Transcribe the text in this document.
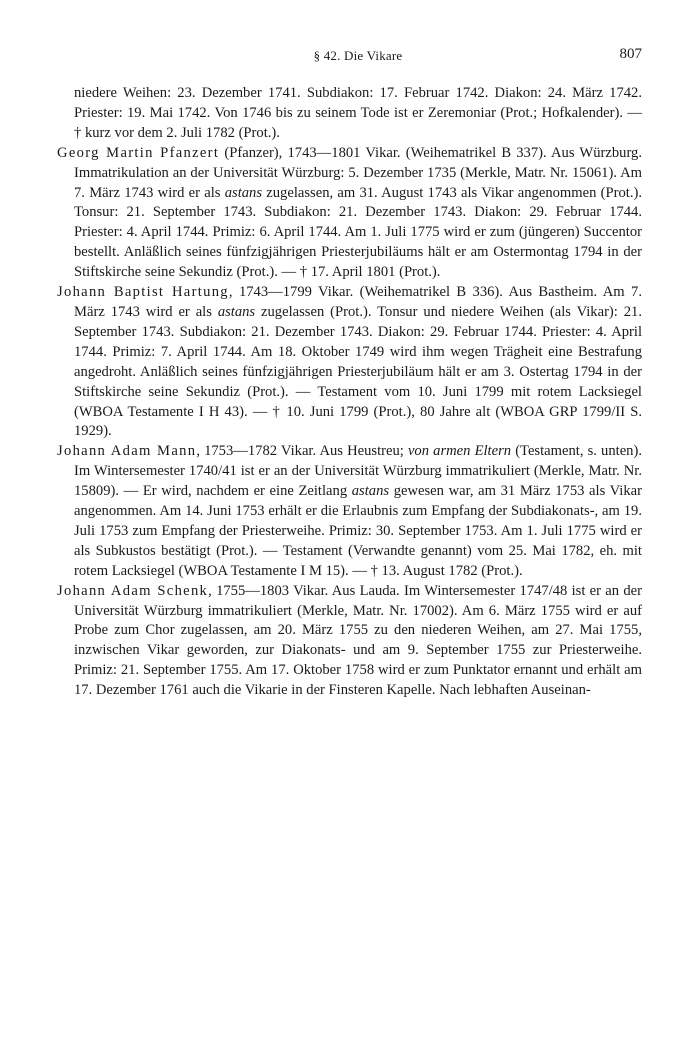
§ 42. Die Vikare	807
niedere Weihen: 23. Dezember 1741. Subdiakon: 17. Februar 1742. Diakon: 24. März 1742. Priester: 19. Mai 1742. Von 1746 bis zu seinem Tode ist er Zeremoniar (Prot.; Hofkalender). — † kurz vor dem 2. Juli 1782 (Prot.).
Georg Martin Pfanzert (Pfanzer), 1743—1801 Vikar. (Weihematrikel B 337). Aus Würzburg. Immatrikulation an der Universität Würzburg: 5. Dezember 1735 (Merkle, Matr. Nr. 15061). Am 7. März 1743 wird er als astans zugelassen, am 31. August 1743 als Vikar angenommen (Prot.). Tonsur: 21. September 1743. Subdiakon: 21. Dezember 1743. Diakon: 29. Februar 1744. Priester: 4. April 1744. Primiz: 6. April 1744. Am 1. Juli 1775 wird er zum (jüngeren) Succentor bestellt. Anläßlich seines fünfzigjährigen Priesterjubiläums hält er am Ostermontag 1794 in der Stiftskirche seine Sekundiz (Prot.). — † 17. April 1801 (Prot.).
Johann Baptist Hartung, 1743—1799 Vikar. (Weihematrikel B 336). Aus Bastheim. Am 7. März 1743 wird er als astans zugelassen (Prot.). Tonsur und niedere Weihen (als Vikar): 21. September 1743. Subdiakon: 21. Dezember 1743. Diakon: 29. Februar 1744. Priester: 4. April 1744. Primiz: 7. April 1744. Am 18. Oktober 1749 wird ihm wegen Trägheit eine Bestrafung angedroht. Anläßlich seines fünfzigjährigen Priesterjubiläum hält er am 3. Ostertag 1794 in der Stiftskirche seine Sekundiz (Prot.). — Testament vom 10. Juni 1799 mit rotem Lacksiegel (WBOA Testamente I H 43). — † 10. Juni 1799 (Prot.), 80 Jahre alt (WBOA GRP 1799/II S. 1929).
Johann Adam Mann, 1753—1782 Vikar. Aus Heustreu; von armen Eltern (Testament, s. unten). Im Wintersemester 1740/41 ist er an der Universität Würzburg immatrikuliert (Merkle, Matr. Nr. 15809). — Er wird, nachdem er eine Zeitlang astans gewesen war, am 31 März 1753 als Vikar angenommen. Am 14. Juni 1753 erhält er die Erlaubnis zum Empfang der Subdiakonats-, am 19. Juli 1753 zum Empfang der Priesterweihe. Primiz: 30. September 1753. Am 1. Juli 1775 wird er als Subkustos bestätigt (Prot.). — Testament (Verwandte genannt) vom 25. Mai 1782, eh. mit rotem Lacksiegel (WBOA Testamente I M 15). — † 13. August 1782 (Prot.).
Johann Adam Schenk, 1755—1803 Vikar. Aus Lauda. Im Wintersemester 1747/48 ist er an der Universität Würzburg immatrikuliert (Merkle, Matr. Nr. 17002). Am 6. März 1755 wird er auf Probe zum Chor zugelassen, am 20. März 1755 zu den niederen Weihen, am 27. Mai 1755, inzwischen Vikar geworden, zur Diakonats- und am 9. September 1755 zur Priesterweihe. Primiz: 21. September 1755. Am 17. Oktober 1758 wird er zum Punktator ernannt und erhält am 17. Dezember 1761 auch die Vikarie in der Finsteren Kapelle. Nach lebhaften Auseinan-
